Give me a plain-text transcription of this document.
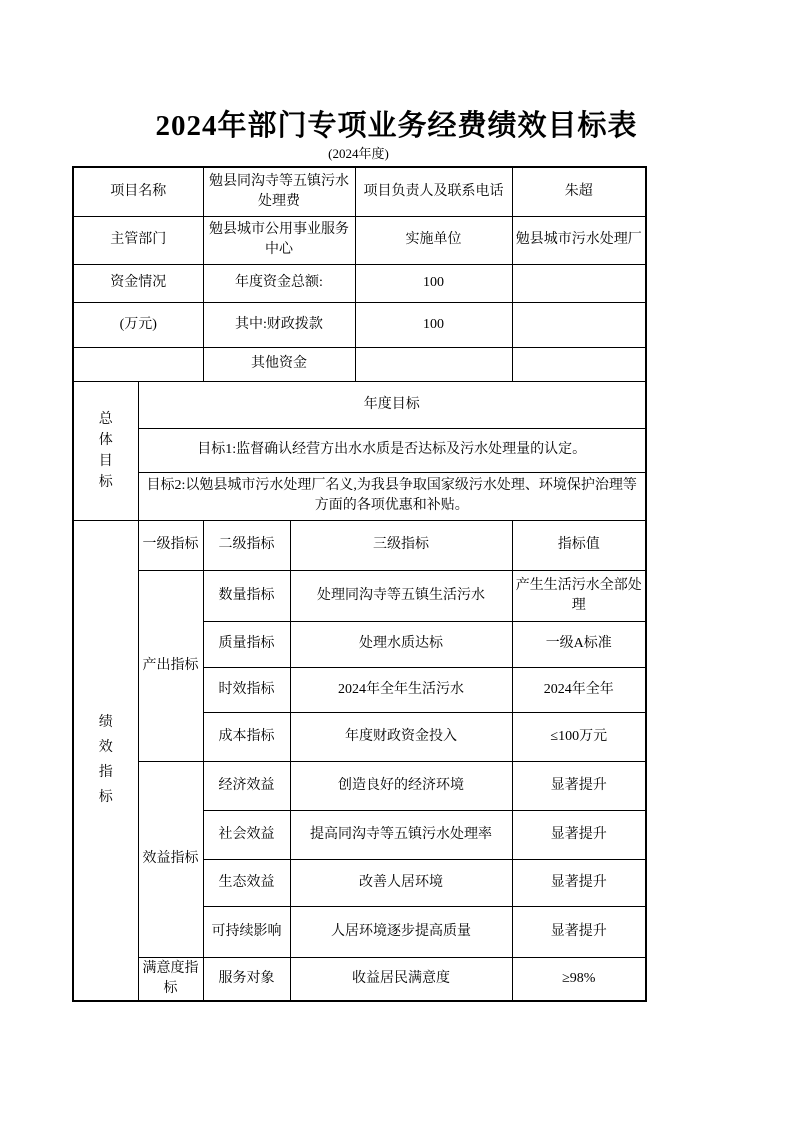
2024年部门专项业务经费绩效目标表
(2024年度)
项目名称		勉县同沟寺等五镇污水处理费		项目负责人及联系电话	朱超
主管部门		勉县城市公用事业服务中心		实施单位	勉县城市污水处理厂
资金情况		年度资金总额:		100	
(万元)		其中:财政拨款		100	
		其他资金			

总体目标	年度目标				
	目标1:监督确认经营方出水水质是否达标及污水处理量的认定。				
	目标2:以勉县城市污水处理厂名义,为我县争取国家级污水处理、环境保护治理等方面的各项优惠和补贴。				

绩效指标	一级指标	二级指标	三级指标		指标值
	产出指标	数量指标	处理同沟寺等五镇生活污水		产生生活污水全部处理
		质量指标	处理水质达标		一级A标准
		时效指标	2024年全年生活污水		2024年全年
		成本指标	年度财政资金投入		≤100万元
	效益指标	经济效益	创造良好的经济环境		显著提升
		社会效益	提高同沟寺等五镇污水处理率		显著提升
		生态效益	改善人居环境		显著提升
		可持续影响	人居环境逐步提高质量		显著提升
	满意度指标	服务对象	收益居民满意度		≥98%
